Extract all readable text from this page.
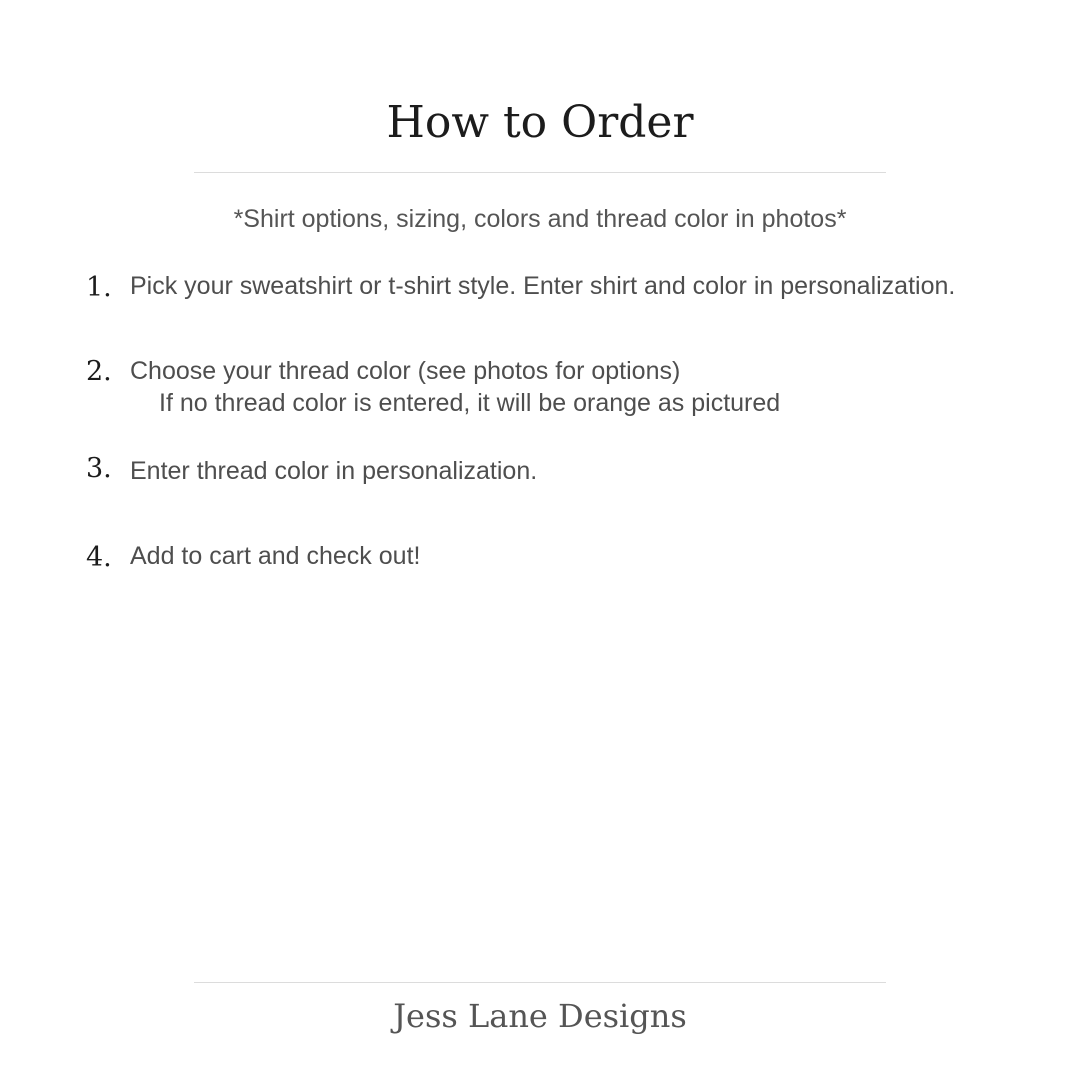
How to Order
*Shirt options, sizing, colors and thread color in photos*
1. Pick your sweatshirt or t-shirt style. Enter shirt and color in personalization.
2. Choose your thread color (see photos for options)
If no thread color is entered, it will be orange as pictured
3. Enter thread color in personalization.
4. Add to cart and check out!
Jess Lane Designs
